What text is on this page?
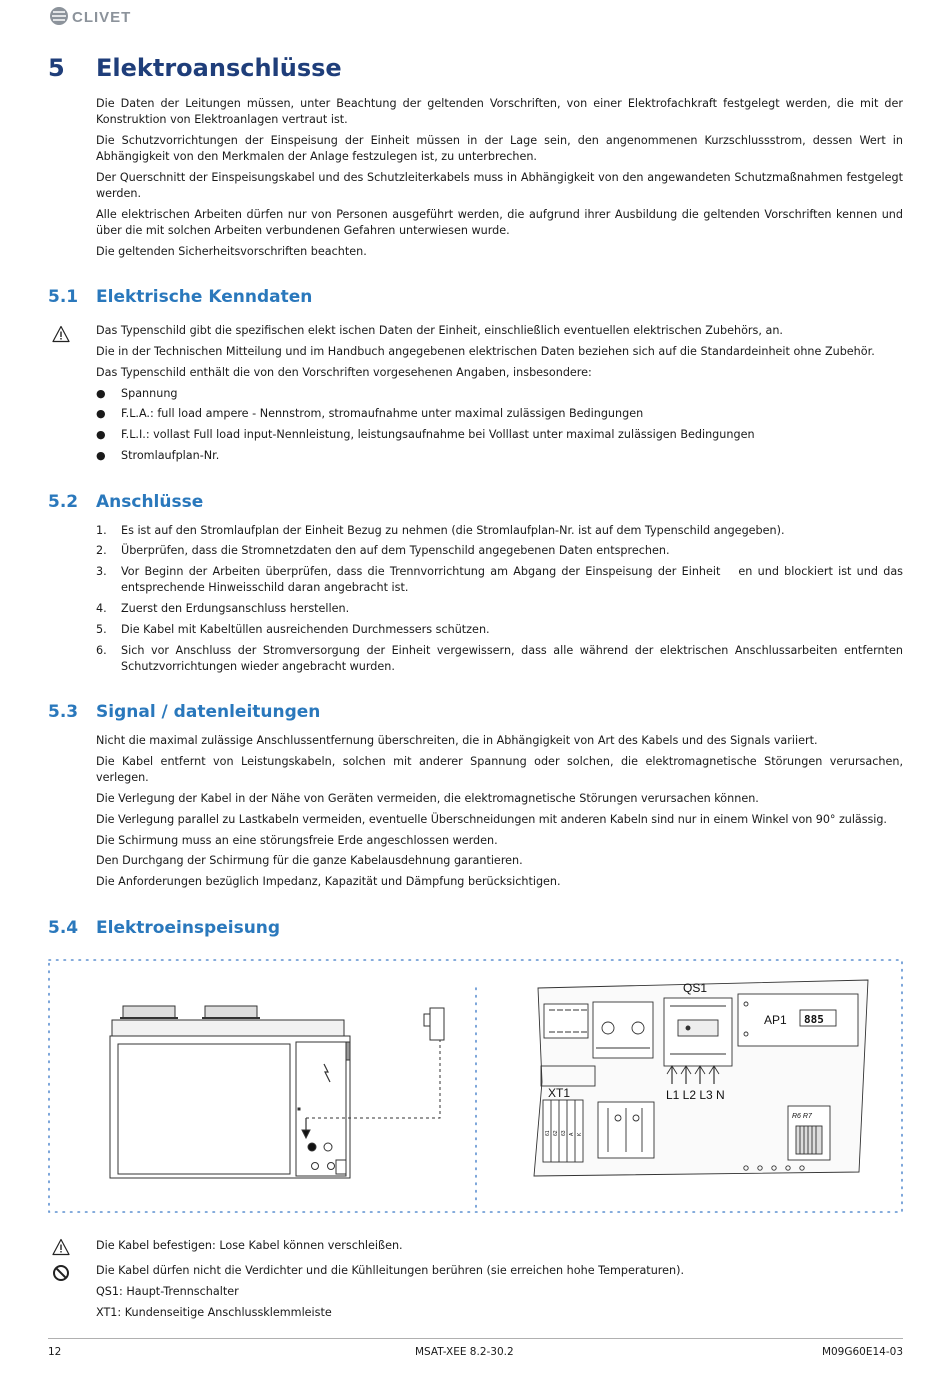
CLIVET
5 Elektroanschlüsse
Die Daten der Leitungen müssen, unter Beachtung der geltenden Vorschriften, von einer Elektrofachkraft festgelegt werden, die mit der Konstruktion von Elektroanlagen vertraut ist.
Die Schutzvorrichtungen der Einspeisung der Einheit müssen in der Lage sein, den angenommenen Kurzschlussstrom, dessen Wert in Abhängigkeit von den Merkmalen der Anlage festzulegen ist, zu unterbrechen.
Der Querschnitt der Einspeisungskabel und des Schutzleiterkabels muss in Abhängigkeit von den angewandeten Schutzmaßnahmen festgelegt werden.
Alle elektrischen Arbeiten dürfen nur von Personen ausgeführt werden, die aufgrund ihrer Ausbildung die geltenden Vorschriften kennen und über die mit solchen Arbeiten verbundenen Gefahren unterwiesen wurde.
Die geltenden Sicherheitsvorschriften beachten.
5.1 Elektrische Kenndaten
Das Typenschild gibt die spezifischen elekt ischen Daten der Einheit, einschließlich eventuellen elektrischen Zubehörs, an.
Die in der Technischen Mitteilung und im Handbuch angegebenen elektrischen Daten beziehen sich auf die Standardeinheit ohne Zubehör.
Das Typenschild enthält die von den Vorschriften vorgesehenen Angaben, insbesondere:
● Spannung
● F.L.A.: full load ampere - Nennstrom, stromaufnahme unter maximal zulässigen Bedingungen
● F.L.I.: vollast Full load input-Nennleistung, leistungsaufnahme bei Volllast unter maximal zulässigen Bedingungen
● Stromlaufplan-Nr.
5.2 Anschlüsse
1. Es ist auf den Stromlaufplan der Einheit Bezug zu nehmen (die Stromlaufplan-Nr. ist auf dem Typenschild angegeben).
2. Überprüfen, dass die Stromnetzdaten den auf dem Typenschild angegebenen Daten entsprechen.
3. Vor Beginn der Arbeiten überprüfen, dass die Trennvorrichtung am Abgang der Einspeisung der Einheit en und blockiert ist und das entsprechende Hinweisschild daran angebracht ist.
4. Zuerst den Erdungsanschluss herstellen.
5. Die Kabel mit Kabeltüllen ausreichenden Durchmessers schützen.
6. Sich vor Anschluss der Stromversorgung der Einheit vergewissern, dass alle während der elektrischen Anschlussarbeiten entfernten Schutzvorrichtungen wieder angebracht wurden.
5.3 Signal / datenleitungen
Nicht die maximal zulässige Anschlussentfernung überschreiten, die in Abhängigkeit von Art des Kabels und des Signals variiert.
Die Kabel entfernt von Leistungskabeln, solchen mit anderer Spannung oder solchen, die elektromagnetische Störungen verursachen, verlegen.
Die Verlegung der Kabel in der Nähe von Geräten vermeiden, die elektromagnetische Störungen verursachen können.
Die Verlegung parallel zu Lastkabeln vermeiden, eventuelle Überschneidungen mit anderen Kabeln sind nur in einem Winkel von 90° zulässig.
Die Schirmung muss an eine störungsfreie Erde angeschlossen werden.
Den Durchgang der Schirmung für die ganze Kabelausdehnung garantieren.
Die Anforderungen bezüglich Impedanz, Kapazität und Dämpfung berücksichtigen.
5.4 Elektroeinspeisung
QS1
AP1 885
XT1	L1 L2 L3 N
R6 R7
61 62 63 A K
Die Kabel befestigen: Lose Kabel können verschleißen.
Die Kabel dürfen nicht die Verdichter und die Kühlleitungen berühren (sie erreichen hohe Temperaturen).
QS1: Haupt-Trennschalter
XT1: Kundenseitige Anschlussklemmleiste
12	MSAT-XEE 8.2-30.2	M09G60E14-03
